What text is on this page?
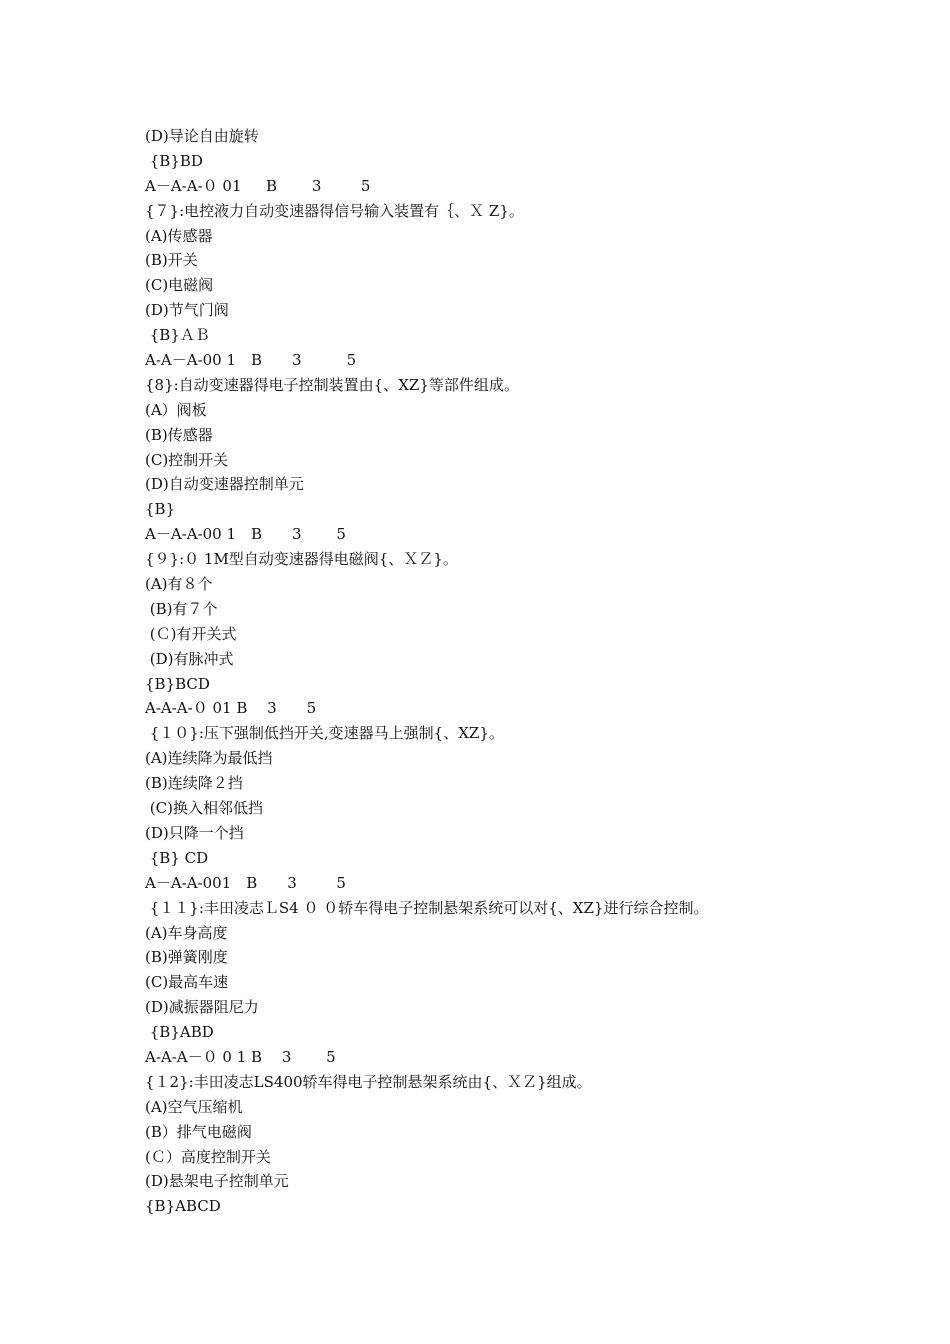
(D)导论自由旋转
{B}BD
A－A-A-０ 01  　B　 　3 　　 5
{７}:电控液力自动变速器得信号输入装置有｛、Ｘ Z}。
(A)传感器
(B)开关
(C)电磁阀
(D)节气门阀
{B}ＡＢ
A-A－A-00 1　B　　3　　　5
{8}:自动变速器得电子控制装置由{、XZ}等部件组成。
(A）阀板
(B)传感器
(C)控制开关
(D)自动变速器控制单元
{B}
A－A-A-00 1　B　　3　　 5
{９}:０ 1M型自动变速器得电磁阀{、ＸＺ}。
(A)有８个
(B)有７个
(Ｃ)有开关式
(D)有脉冲式
{B}BCD
A-A-A-０ 01 B　 3　　5
{１０}:压下强制低挡开关,变速器马上强制{、XZ}。
(A)连续降为最低挡
(B)连续降２挡
(C)换入相邻低挡
(D)只降一个挡
{B} CD
A－A-A-001　B　　3 　　 5
{１１}:丰田凌志ＬS4 ０ ０轿车得电子控制悬架系统可以对{、XZ}进行综合控制。
(A)车身高度
(B)弹簧刚度
(C)最高车速
(D)减振器阻尼力
{B}ABD
A-A-A－０ 0 1 B　 3　 　5
{１2}:丰田凌志LS400轿车得电子控制悬架系统由{、ＸＺ}组成。
(A)空气压缩机
(B）排气电磁阀
(Ｃ）高度控制开关
(D)悬架电子控制单元
{B}ABCD
